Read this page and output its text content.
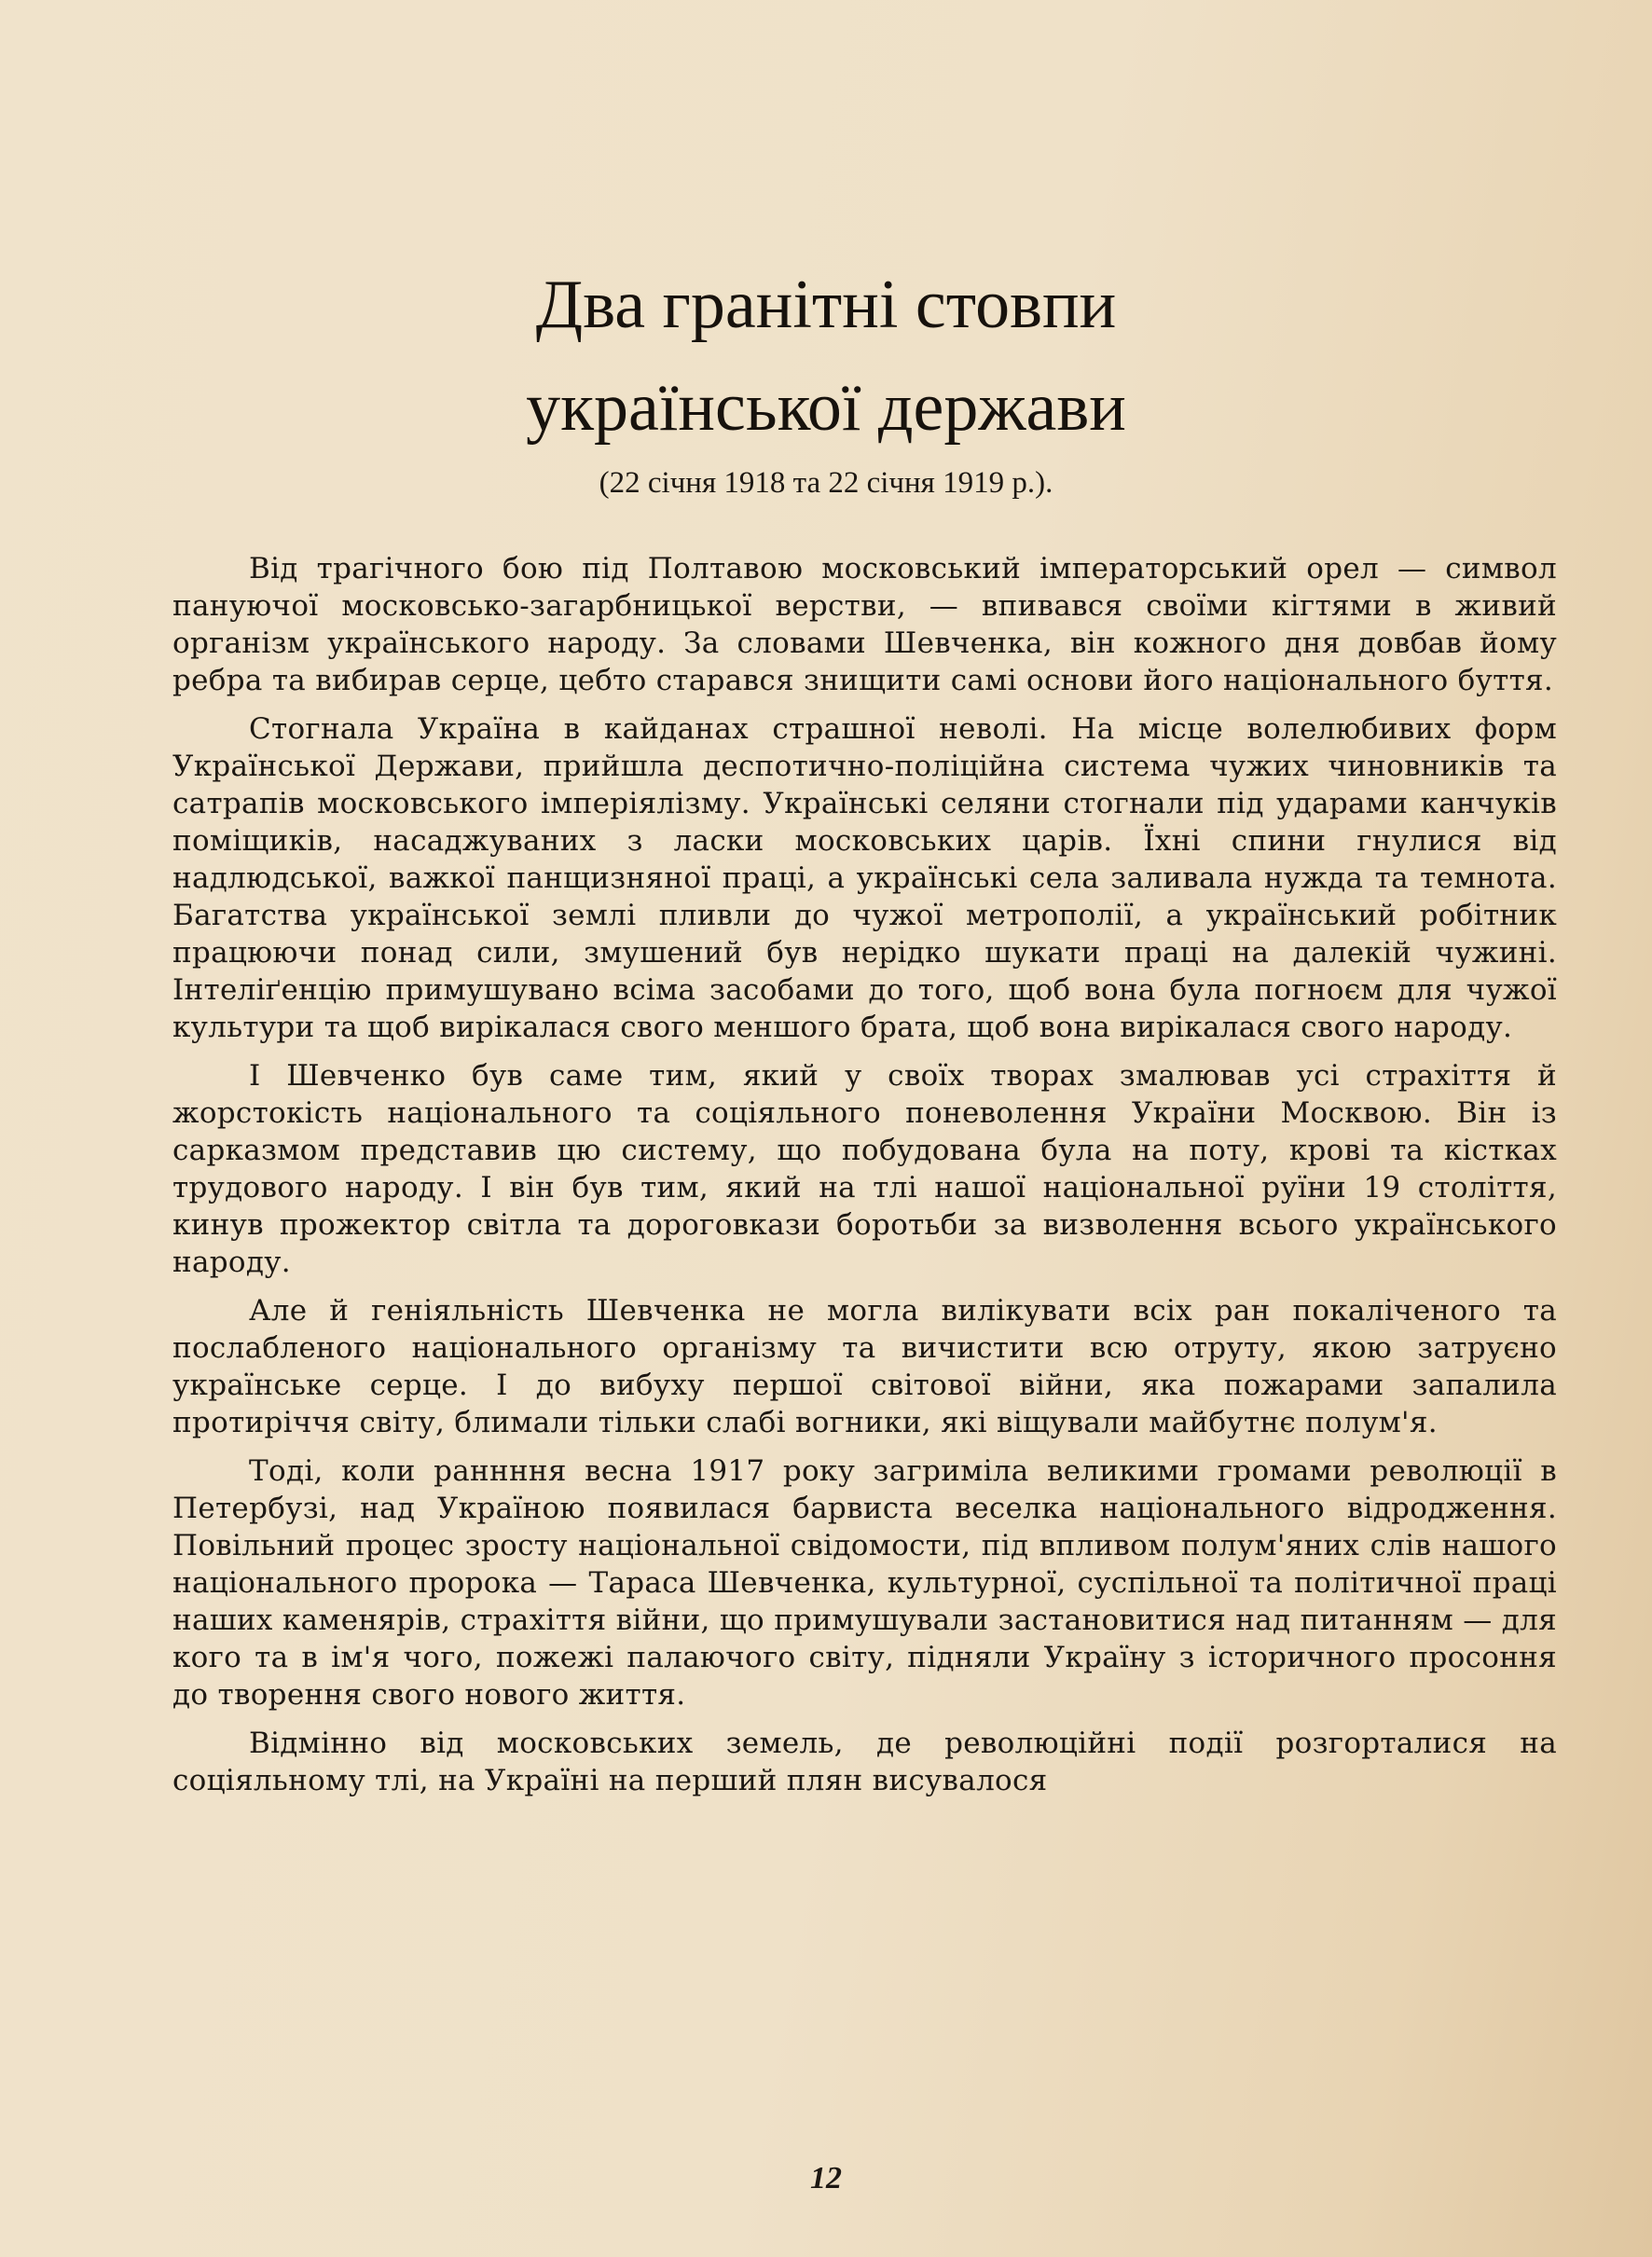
Два гранітні стовпи
української держави
(22 січня 1918 та 22 січня 1919 р.).

Від трагічного бою під Полтавою московський імператорський орел — символ пануючої московсько-загарбницької верстви, — впивався своїми кігтями в живий організм українського народу. За словами Шевченка, він кожного дня довбав йому ребра та вибирав серце, цебто старався знищити самі основи його національного буття.

Стогнала Україна в кайданах страшної неволі. На місце волелюбивих форм Української Держави, прийшла деспотично-поліційна система чужих чиновників та сатрапів московського імперіялізму. Українські селяни стогнали під ударами канчуків поміщиків, насаджуваних з ласки московських царів. Їхні спини гнулися від надлюдської, важкої панщизняної праці, а українські села заливала нужда та темнота. Багатства української землі пливли до чужої метрополії, а український робітник працюючи понад сили, змушений був нерідко шукати праці на далекій чужині. Інтеліґенцію примушувано всіма засобами до того, щоб вона була погноєм для чужої культури та щоб вирікалася свого меншого брата, щоб вона вирікалася свого народу.

І Шевченко був саме тим, який у своїх творах змалював усі страхіття й жорстокість національного та соціяльного поневолення України Москвою. Він із сарказмом представив цю систему, що побудована була на поту, крові та кістках трудового народу. І він був тим, який на тлі нашої національної руїни 19 століття, кинув прожектор світла та дороговкази боротьби за визволення всього українського народу.

Але й геніяльність Шевченка не могла вилікувати всіх ран покаліченого та послабленого національного організму та вичистити всю отруту, якою затруєно українське серце. І до вибуху першої світової війни, яка пожарами запалила протиріччя світу, блимали тільки слабі вогники, які віщували майбутнє полум'я.

Тоді, коли раннння весна 1917 року загриміла великими громами революції в Петербузі, над Україною появилася барвиста веселка національного відродження. Повільний процес зросту національної свідомости, під впливом полум'яних слів нашого національного пророка — Тараса Шевченка, культурної, суспільної та політичної праці наших каменярів, страхіття війни, що примушували застановитися над питанням — для кого та в ім'я чого, пожежі палаючого світу, підняли Україну з історичного просоння до творення свого нового життя.

Відмінно від московських земель, де революційні події розгорталися на соціяльному тлі, на Україні на перший плян висувалося

12
